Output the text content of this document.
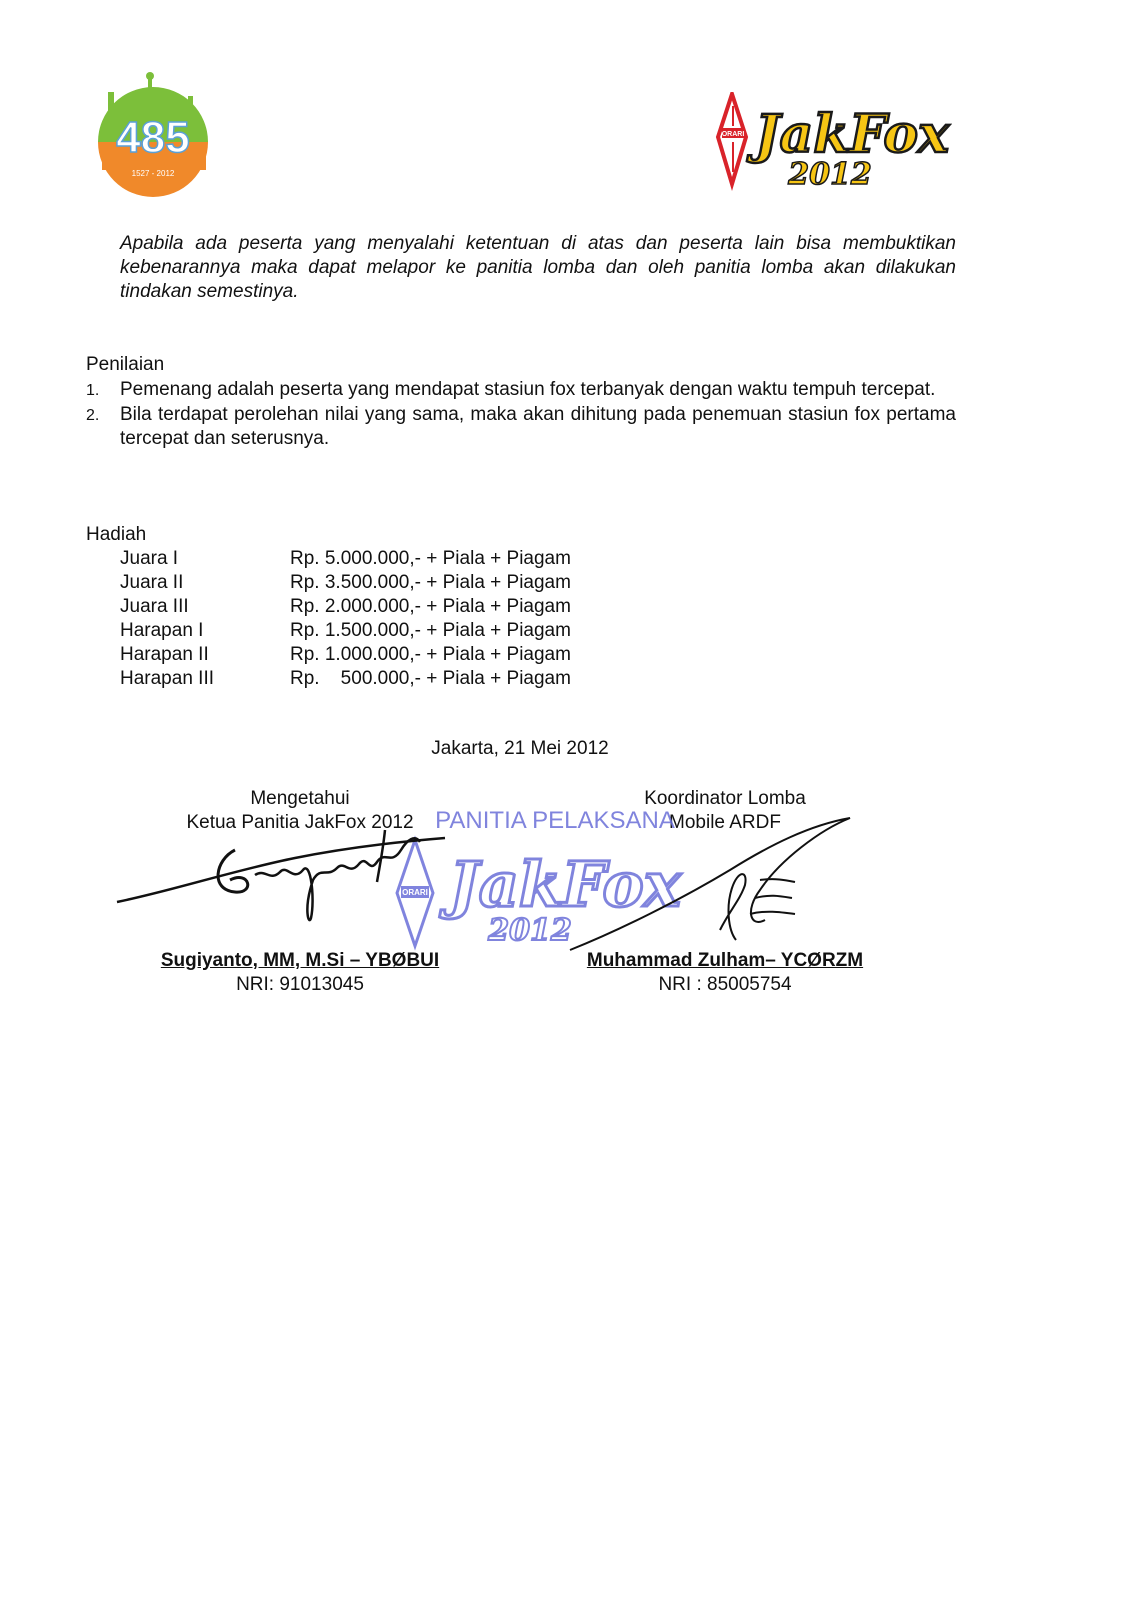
485
1527 - 2012
ORARI JakFox
2012
Apabila ada peserta yang menyalahi ketentuan di atas dan peserta lain bisa membuktikan kebenarannya maka dapat melapor ke panitia lomba dan oleh panitia lomba akan dilakukan tindakan semestinya.
Penilaian
1.	Pemenang adalah peserta yang mendapat stasiun fox terbanyak dengan waktu tempuh tercepat.
2.	Bila terdapat perolehan nilai yang sama, maka akan dihitung pada penemuan stasiun fox pertama tercepat dan seterusnya.
Hadiah
Juara I	Rp. 5.000.000,- + Piala + Piagam
Juara II	Rp. 3.500.000,- + Piala + Piagam
Juara III	Rp. 2.000.000,- + Piala + Piagam
Harapan I	Rp. 1.500.000,- + Piala + Piagam
Harapan II	Rp. 1.000.000,- + Piala + Piagam
Harapan III	Rp.    500.000,- + Piala + Piagam
Jakarta, 21 Mei 2012
Mengetahui
Ketua Panitia JakFox 2012
Koordinator Lomba
Mobile ARDF
PANITIA PELAKSANA
ORARI JakFox
2012
Sugiyanto, MM, M.Si – YBØBUI
NRI: 91013045
Muhammad Zulham– YCØRZM
NRI : 85005754
